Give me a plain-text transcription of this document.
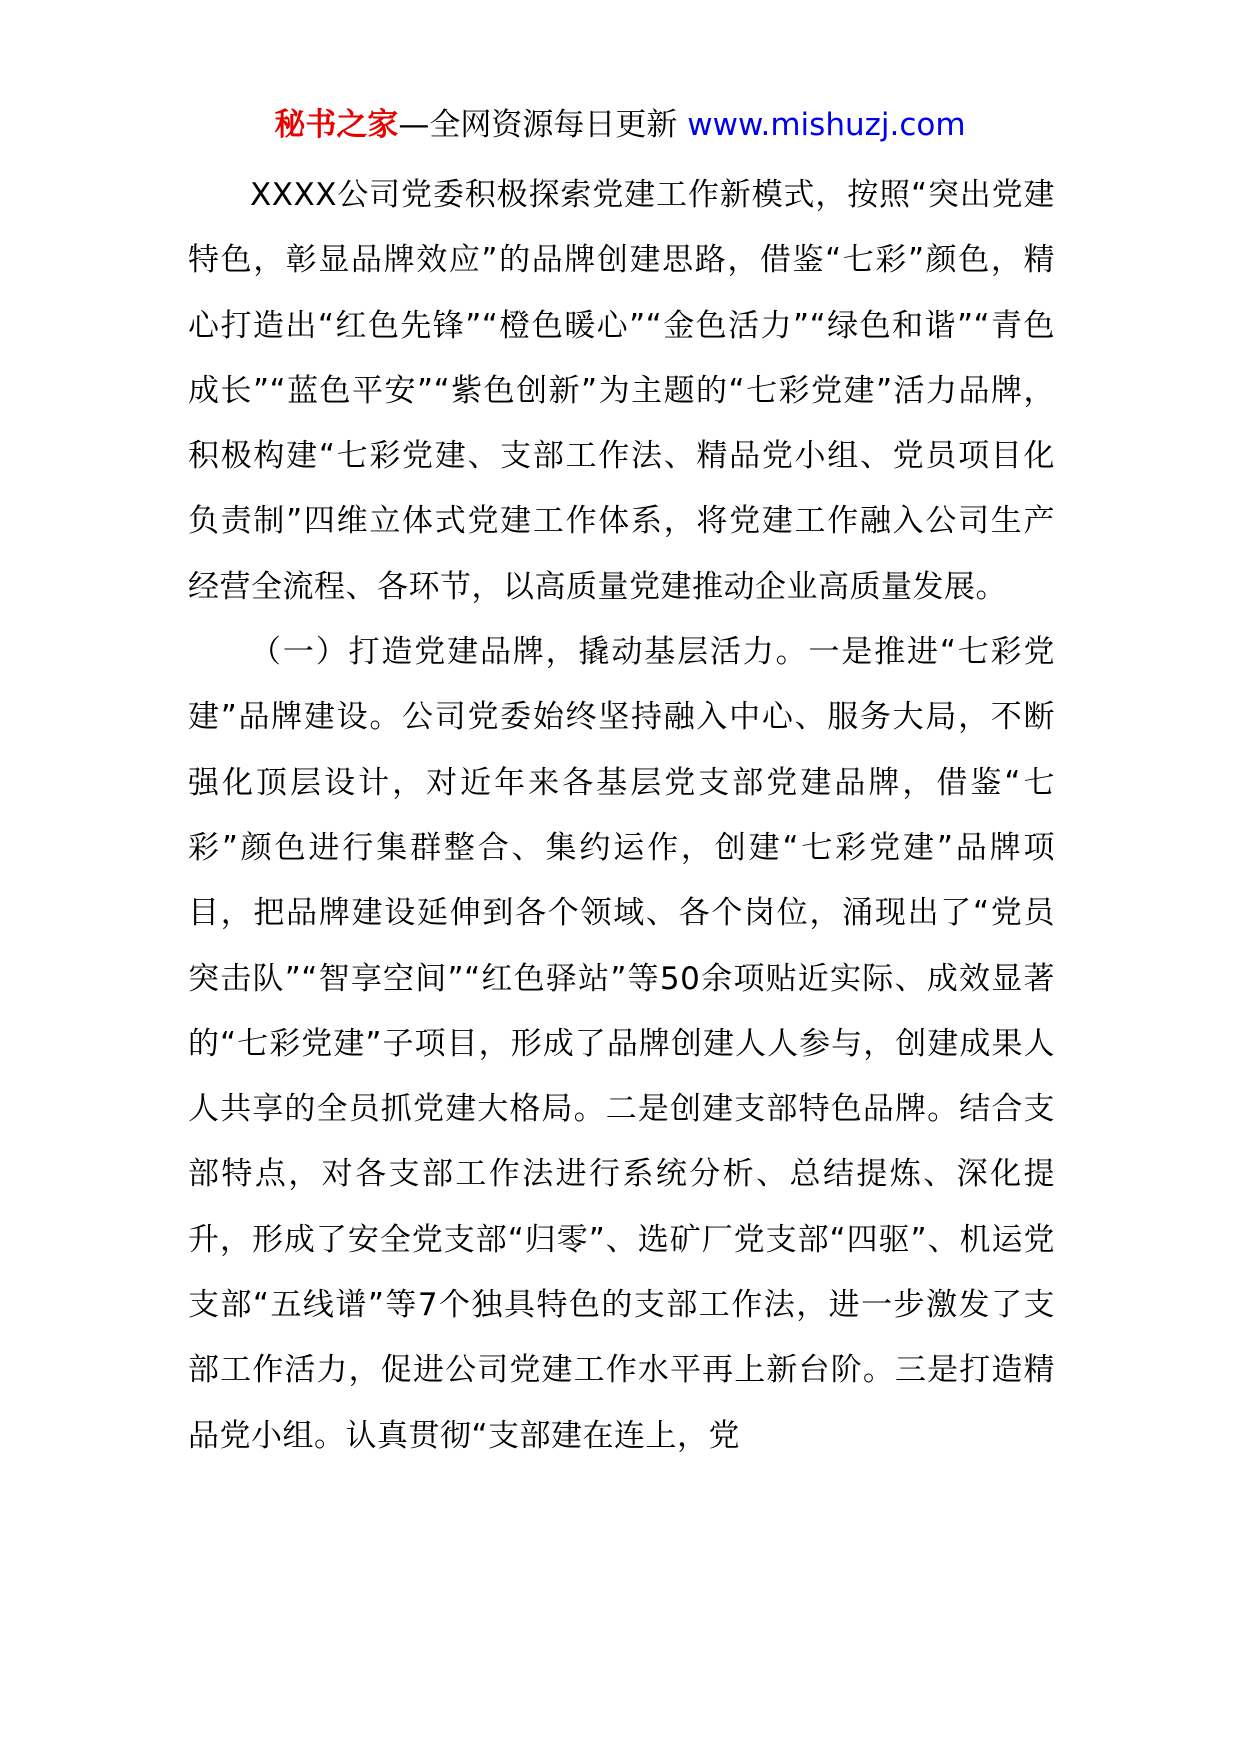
秘书之家—全网资源每日更新 www.mishuzj.com

XXXX公司党委积极探索党建工作新模式，按照“突出党建特色，彰显品牌效应”的品牌创建思路，借鉴“七彩”颜色，精心打造出“红色先锋”“橙色暖心”“金色活力”“绿色和谐”“青色成长”“蓝色平安”“紫色创新”为主题的“七彩党建”活力品牌，积极构建“七彩党建、支部工作法、精品党小组、党员项目化负责制”四维立体式党建工作体系，将党建工作融入公司生产经营全流程、各环节，以高质量党建推动企业高质量发展。

（一）打造党建品牌，撬动基层活力。一是推进“七彩党建”品牌建设。公司党委始终坚持融入中心、服务大局，不断强化顶层设计，对近年来各基层党支部党建品牌，借鉴“七彩”颜色进行集群整合、集约运作，创建“七彩党建”品牌项目，把品牌建设延伸到各个领域、各个岗位，涌现出了“党员突击队”“智享空间”“红色驿站”等50余项贴近实际、成效显著的“七彩党建”子项目，形成了品牌创建人人参与，创建成果人人共享的全员抓党建大格局。二是创建支部特色品牌。结合支部特点，对各支部工作法进行系统分析、总结提炼、深化提升，形成了安全党支部“归零”、选矿厂党支部“四驱”、机运党支部“五线谱”等7个独具特色的支部工作法，进一步激发了支部工作活力，促进公司党建工作水平再上新台阶。三是打造精品党小组。认真贯彻“支部建在连上，党
